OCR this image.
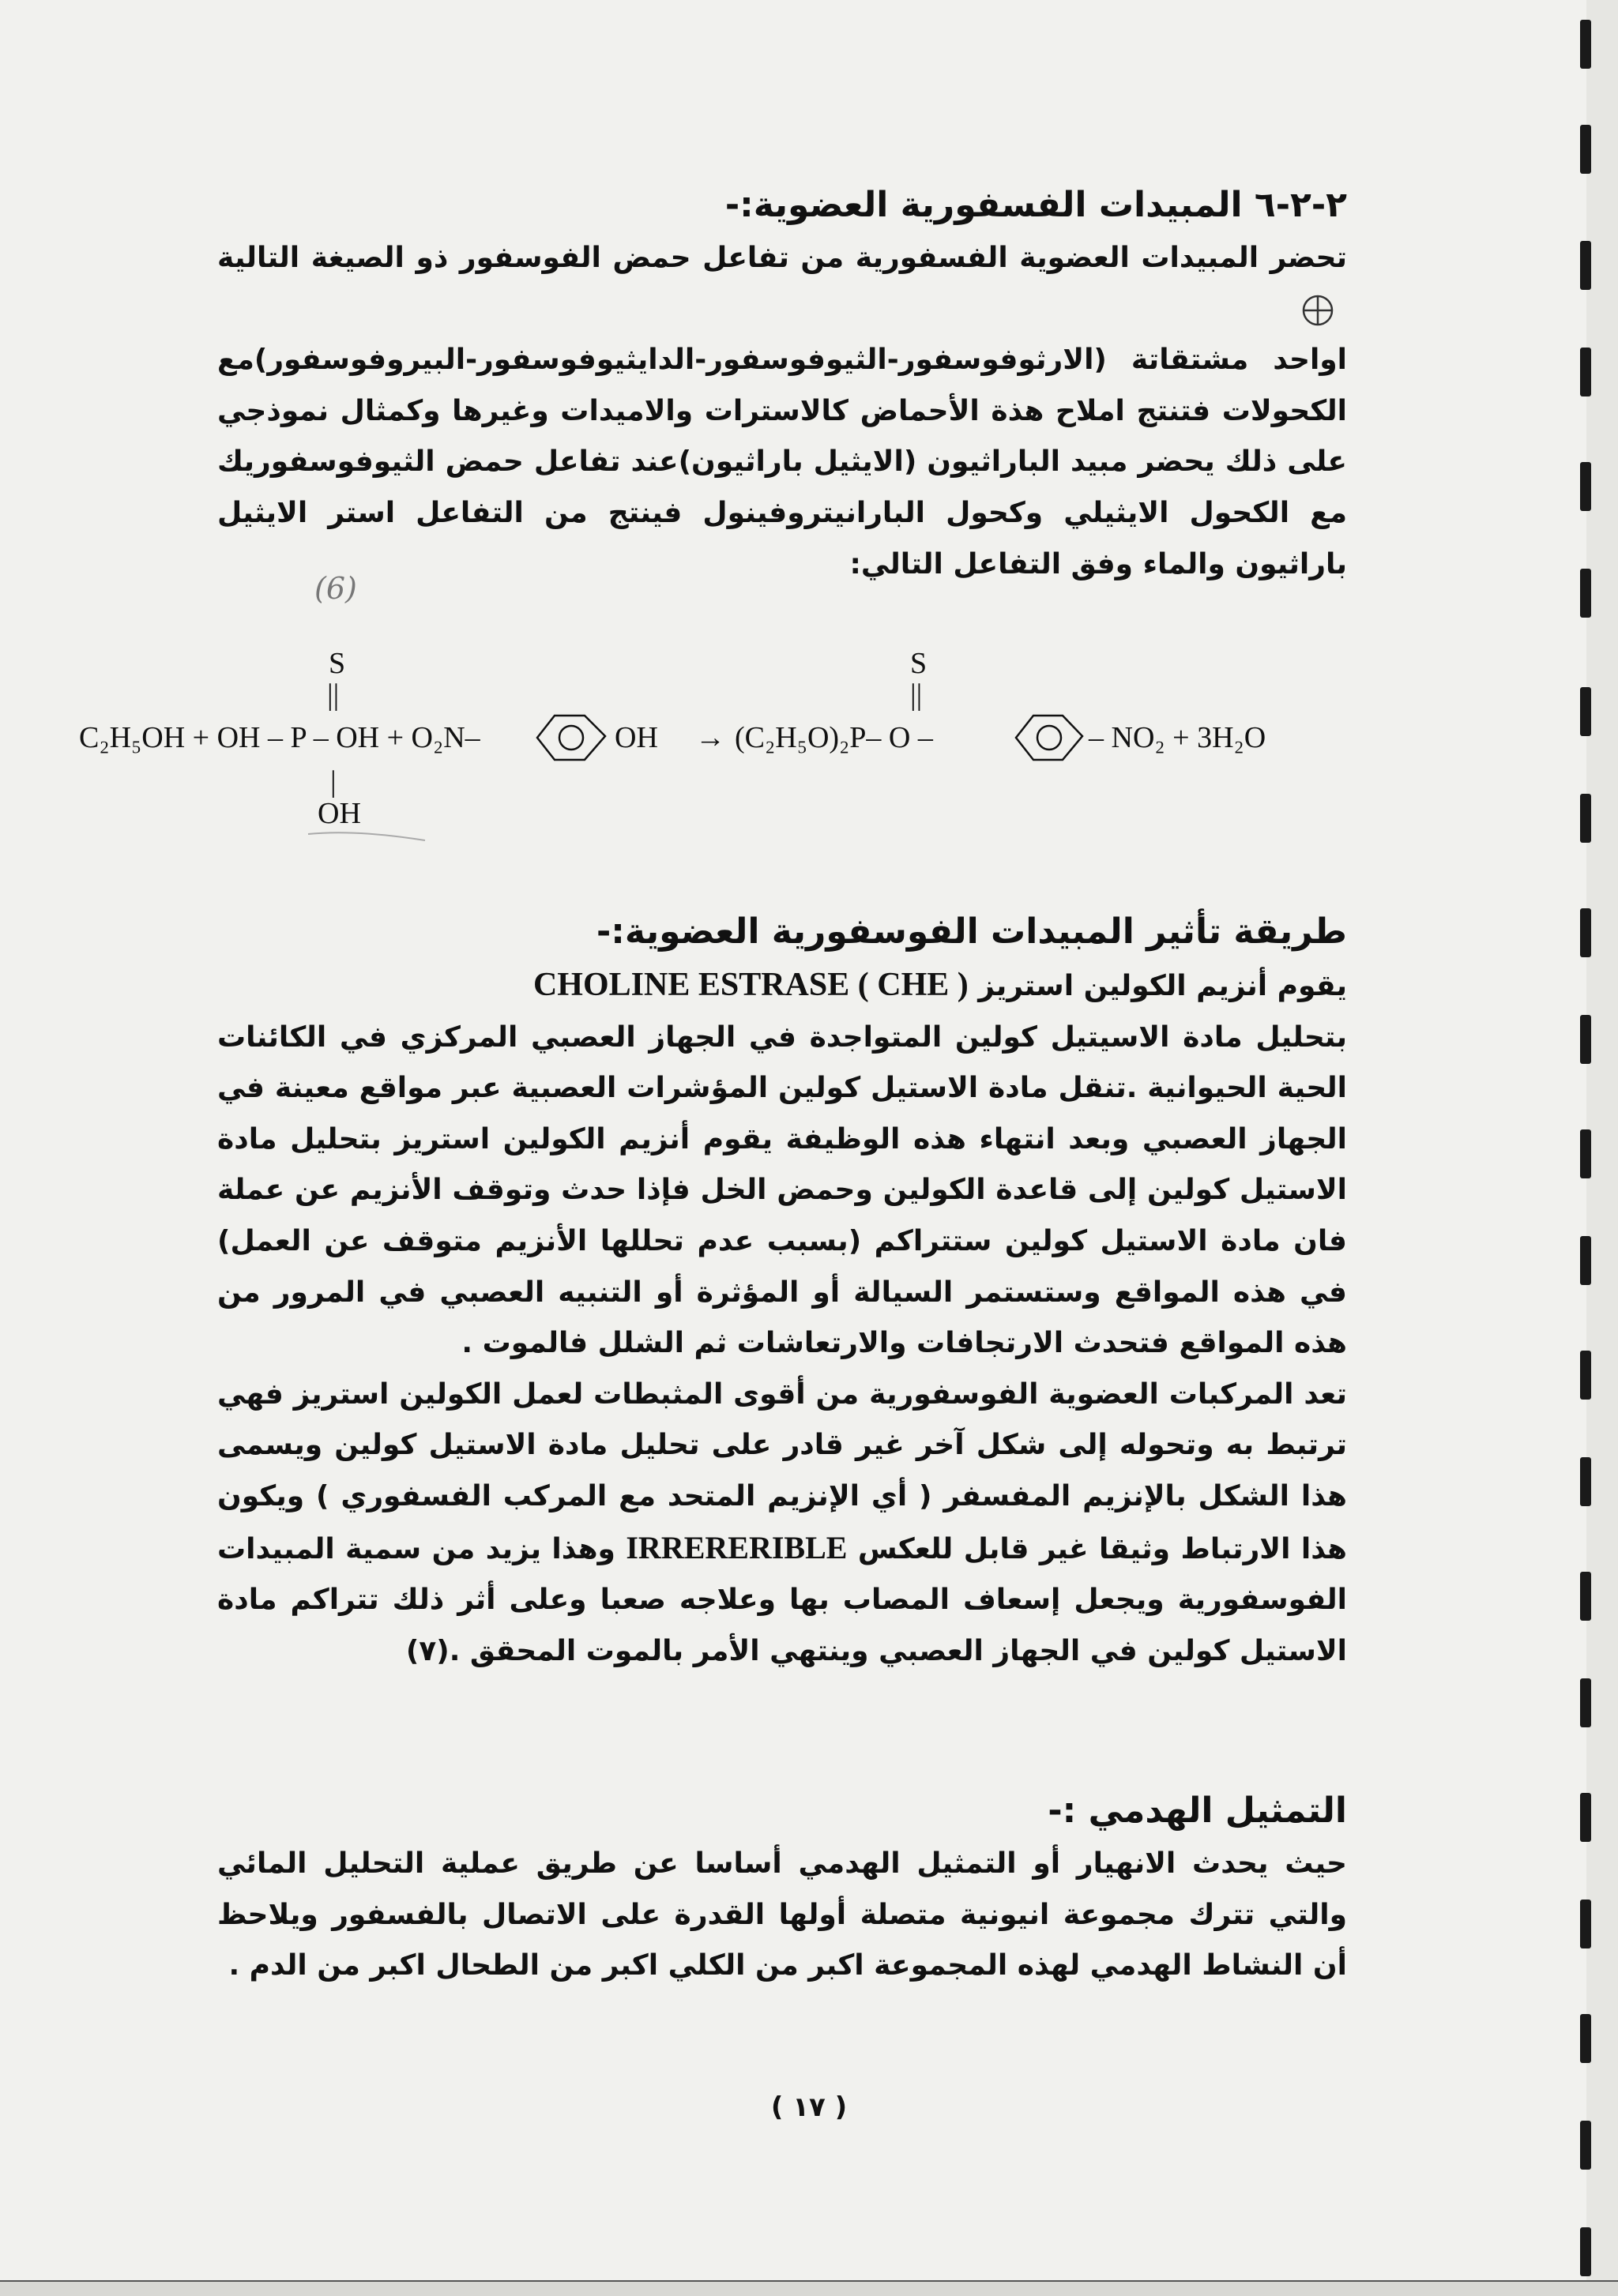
٢-٢-٦ المبيدات الفسفورية العضوية:-

تحضر المبيدات العضوية الفسفورية من تفاعل حمض الفوسفور ذو الصيغة التالية

اواحد مشتقاتة (الارثوفوسفور-الثيوفوسفور-الدايثيوفوسفور-البيروفوسفور)مع الكحولات فتنتج املاح هذة الأحماض كالاسترات والاميدات وغيرها وكمثال نموذجي على ذلك يحضر مبيد الباراثيون (الايثيل باراثيون)عند تفاعل حمض الثيوفوسفوريك مع الكحول الايثيلي وكحول البارانيتروفينول فينتج من التفاعل استر الايثيل باراثيون والماء وفق التفاعل التالي:

(6)
S
||
C₂H₅OH + OH – P – OH + O₂N–	OH
|
OH
→ (C₂H₅O)₂P– O –
S
||
– NO₂ + 3H₂O
طريقة تأثير المبيدات الفوسفورية العضوية:-

يقوم أنزيم الكولين استريز CHOLINE ESTRASE ( CHE )

بتحليل مادة الاسيتيل كولين المتواجدة في الجهاز العصبي المركزي في الكائنات الحية الحيوانية .تنقل مادة الاستيل كولين المؤشرات العصبية عبر مواقع معينة في الجهاز العصبي وبعد انتهاء هذه الوظيفة يقوم أنزيم الكولين استريز بتحليل مادة الاستيل كولين إلى قاعدة الكولين وحمض الخل فإذا حدث وتوقف الأنزيم عن عملة فان مادة الاستيل كولين ستتراكم (بسبب عدم تحللها الأنزيم متوقف عن العمل) في هذه المواقع وستستمر السيالة أو المؤثرة أو التنبيه العصبي في المرور من هذه المواقع فتحدث الارتجافات والارتعاشات ثم الشلل فالموت .

تعد المركبات العضوية الفوسفورية من أقوى المثبطات لعمل الكولين استريز فهي ترتبط به وتحوله إلى شكل آخر غير قادر على تحليل مادة الاستيل كولين ويسمى هذا الشكل بالإنزيم المفسفر ( أي الإنزيم المتحد مع المركب الفسفوري ) ويكون هذا الارتباط وثيقا غير قابل للعكس IRRERERIBLE وهذا يزيد من سمية المبيدات الفوسفورية ويجعل إسعاف المصاب بها وعلاجه صعبا وعلى أثر ذلك تتراكم مادة الاستيل كولين في الجهاز العصبي وينتهي الأمر بالموت المحقق .(٧)

التمثيل الهدمي :-

حيث يحدث الانهيار أو التمثيل الهدمي أساسا عن طريق عملية التحليل المائي والتي تترك مجموعة انيونية متصلة أولها القدرة على الاتصال بالفسفور ويلاحظ أن النشاط الهدمي لهذه المجموعة اكبر من الكلي اكبر من الطحال اكبر من الدم .

( ١٧ )
